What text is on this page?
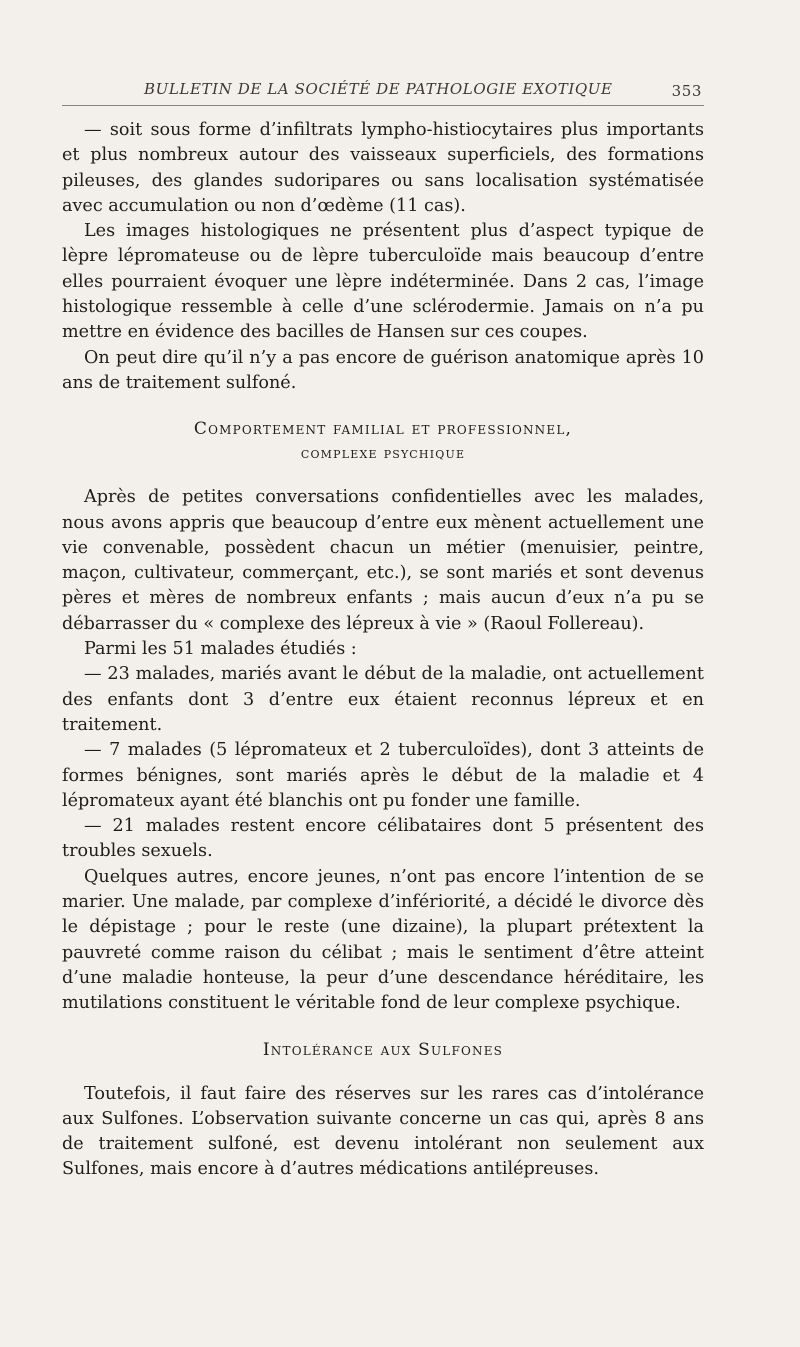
BULLETIN DE LA SOCIÉTÉ DE PATHOLOGIE EXOTIQUE	353

— soit sous forme d’infiltrats lympho-histiocytaires plus importants et plus nombreux autour des vaisseaux superficiels, des formations pileuses, des glandes sudoripares ou sans localisation systématisée avec accumulation ou non d’œdème (11 cas).

Les images histologiques ne présentent plus d’aspect typique de lèpre lépromateuse ou de lèpre tuberculoïde mais beaucoup d’entre elles pourraient évoquer une lèpre indéterminée. Dans 2 cas, l’image histologique ressemble à celle d’une sclérodermie. Jamais on n’a pu mettre en évidence des bacilles de Hansen sur ces coupes.

On peut dire qu’il n’y a pas encore de guérison anatomique après 10 ans de traitement sulfoné.

Comportement familial et professionnel,
complexe psychique

Après de petites conversations confidentielles avec les malades, nous avons appris que beaucoup d’entre eux mènent actuellement une vie convenable, possèdent chacun un métier (menuisier, peintre, maçon, cultivateur, commerçant, etc.), se sont mariés et sont devenus pères et mères de nombreux enfants ; mais aucun d’eux n’a pu se débarrasser du « complexe des lépreux à vie » (Raoul Follereau).

Parmi les 51 malades étudiés :

— 23 malades, mariés avant le début de la maladie, ont actuellement des enfants dont 3 d’entre eux étaient reconnus lépreux et en traitement.

— 7 malades (5 lépromateux et 2 tuberculoïdes), dont 3 atteints de formes bénignes, sont mariés après le début de la maladie et 4 lépromateux ayant été blanchis ont pu fonder une famille.

— 21 malades restent encore célibataires dont 5 présentent des troubles sexuels.

Quelques autres, encore jeunes, n’ont pas encore l’intention de se marier. Une malade, par complexe d’infériorité, a décidé le divorce dès le dépistage ; pour le reste (une dizaine), la plupart prétextent la pauvreté comme raison du célibat ; mais le sentiment d’être atteint d’une maladie honteuse, la peur d’une descendance héréditaire, les mutilations constituent le véritable fond de leur complexe psychique.

Intolérance aux Sulfones

Toutefois, il faut faire des réserves sur les rares cas d’intolérance aux Sulfones. L’observation suivante concerne un cas qui, après 8 ans de traitement sulfoné, est devenu intolérant non seulement aux Sulfones, mais encore à d’autres médications antilépreuses.
